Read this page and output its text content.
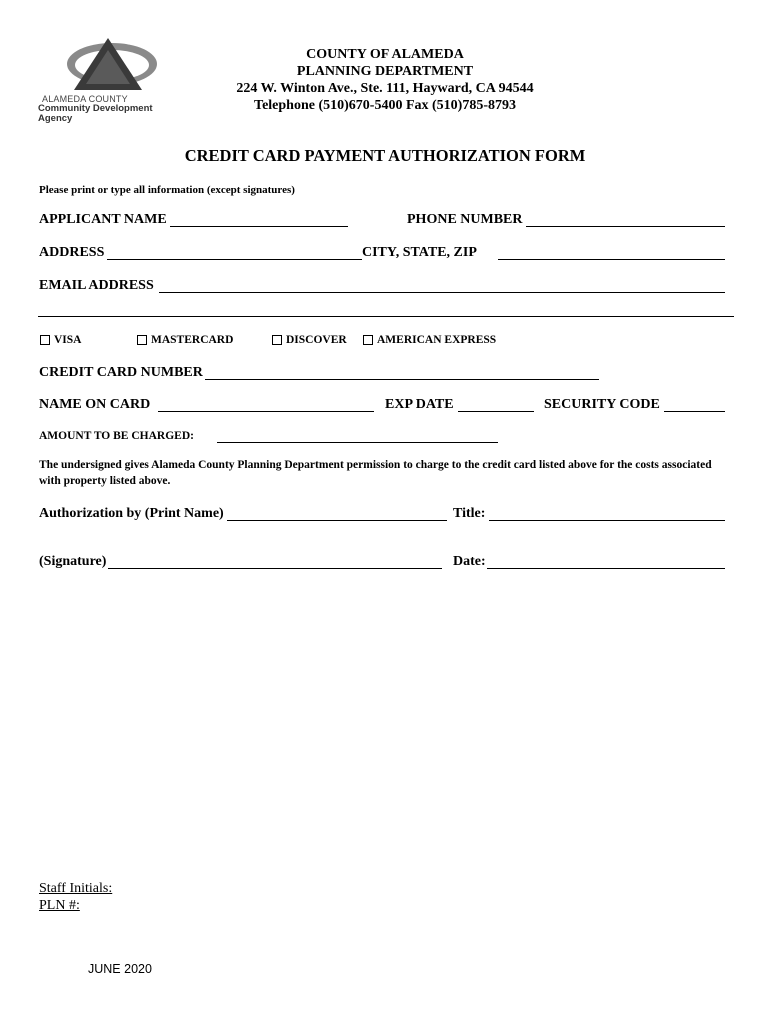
ALAMEDA COUNTY
Community Development Agency
COUNTY OF ALAMEDA
PLANNING DEPARTMENT
224 W. Winton Ave., Ste. 111, Hayward, CA 94544
Telephone (510)670-5400 Fax (510)785-8793
CREDIT CARD PAYMENT AUTHORIZATION FORM
Please print or type all information (except signatures)
APPLICANT NAME	PHONE NUMBER
ADDRESS	CITY, STATE, ZIP
EMAIL ADDRESS
VISA	MASTERCARD	DISCOVER	AMERICAN EXPRESS
CREDIT CARD NUMBER
NAME ON CARD	EXP DATE	SECURITY CODE
AMOUNT TO BE CHARGED:
The undersigned gives Alameda County Planning Department permission to charge to the credit card listed above for the costs associated with property listed above.
Authorization by (Print Name)	Title:
(Signature)	Date:
Staff Initials:
PLN #:
JUNE 2020
